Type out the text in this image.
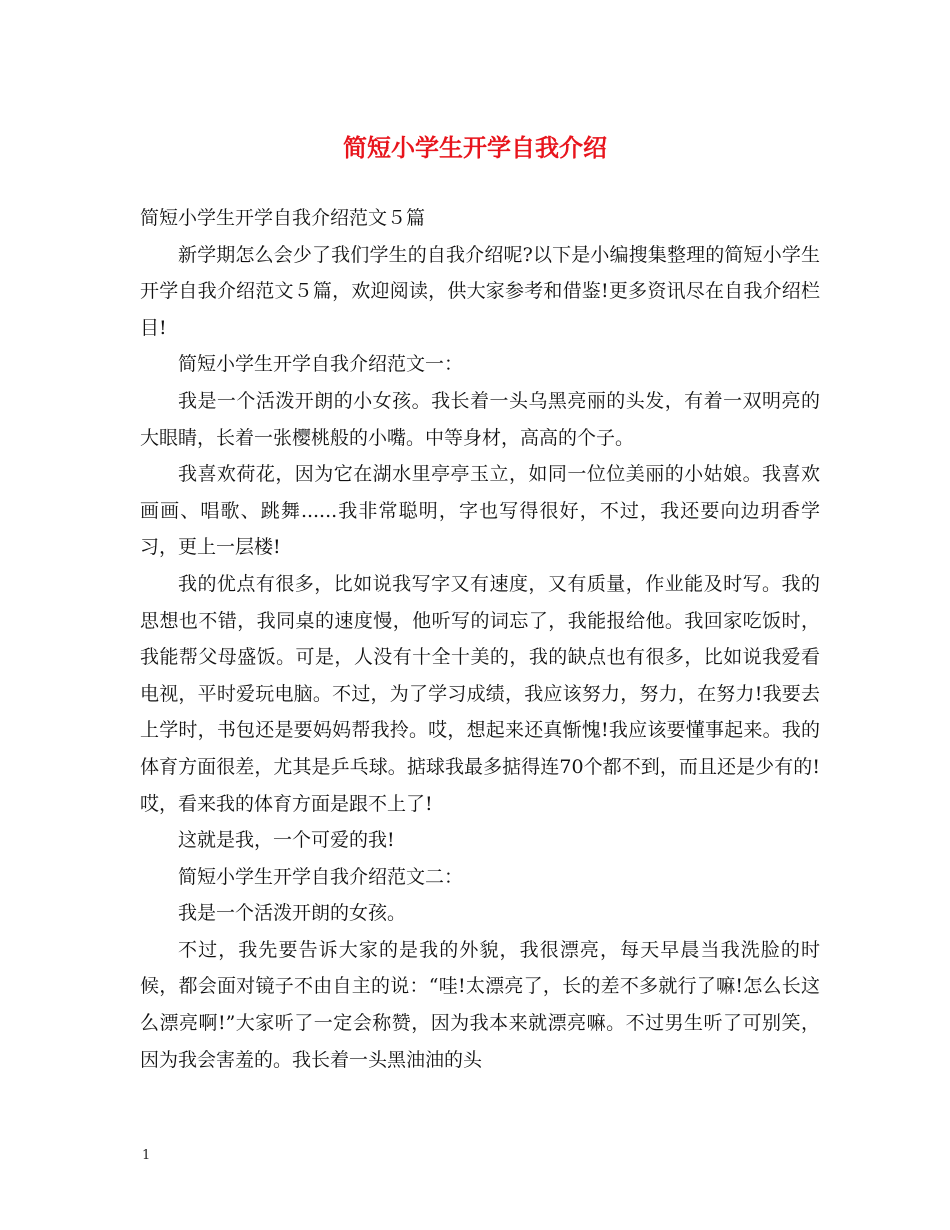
简短小学生开学自我介绍

简短小学生开学自我介绍范文５篇

新学期怎么会少了我们学生的自我介绍呢?以下是小编搜集整理的简短小学生开学自我介绍范文５篇，欢迎阅读，供大家参考和借鉴!更多资讯尽在自我介绍栏目!

简短小学生开学自我介绍范文一：

我是一个活泼开朗的小女孩。我长着一头乌黑亮丽的头发，有着一双明亮的大眼睛，长着一张樱桃般的小嘴。中等身材，高高的个子。

我喜欢荷花，因为它在湖水里亭亭玉立，如同一位位美丽的小姑娘。我喜欢画画、唱歌、跳舞......我非常聪明，字也写得很好，不过，我还要向边玥香学习，更上一层楼!

我的优点有很多，比如说我写字又有速度，又有质量，作业能及时写。我的思想也不错，我同桌的速度慢，他听写的词忘了，我能报给他。我回家吃饭时，我能帮父母盛饭。可是，人没有十全十美的，我的缺点也有很多，比如说我爱看电视，平时爱玩电脑。不过，为了学习成绩，我应该努力，努力，在努力!我要去上学时，书包还是要妈妈帮我拎。哎，想起来还真惭愧!我应该要懂事起来。我的体育方面很差，尤其是乒乓球。掂球我最多掂得连70个都不到，而且还是少有的!哎，看来我的体育方面是跟不上了!

这就是我，一个可爱的我!

简短小学生开学自我介绍范文二：

我是一个活泼开朗的女孩。

不过，我先要告诉大家的是我的外貌，我很漂亮，每天早晨当我洗脸的时候，都会面对镜子不由自主的说：“哇!太漂亮了，长的差不多就行了嘛!怎么长这么漂亮啊!”大家听了一定会称赞，因为我本来就漂亮嘛。不过男生听了可别笑，因为我会害羞的。我长着一头黑油油的头

1
